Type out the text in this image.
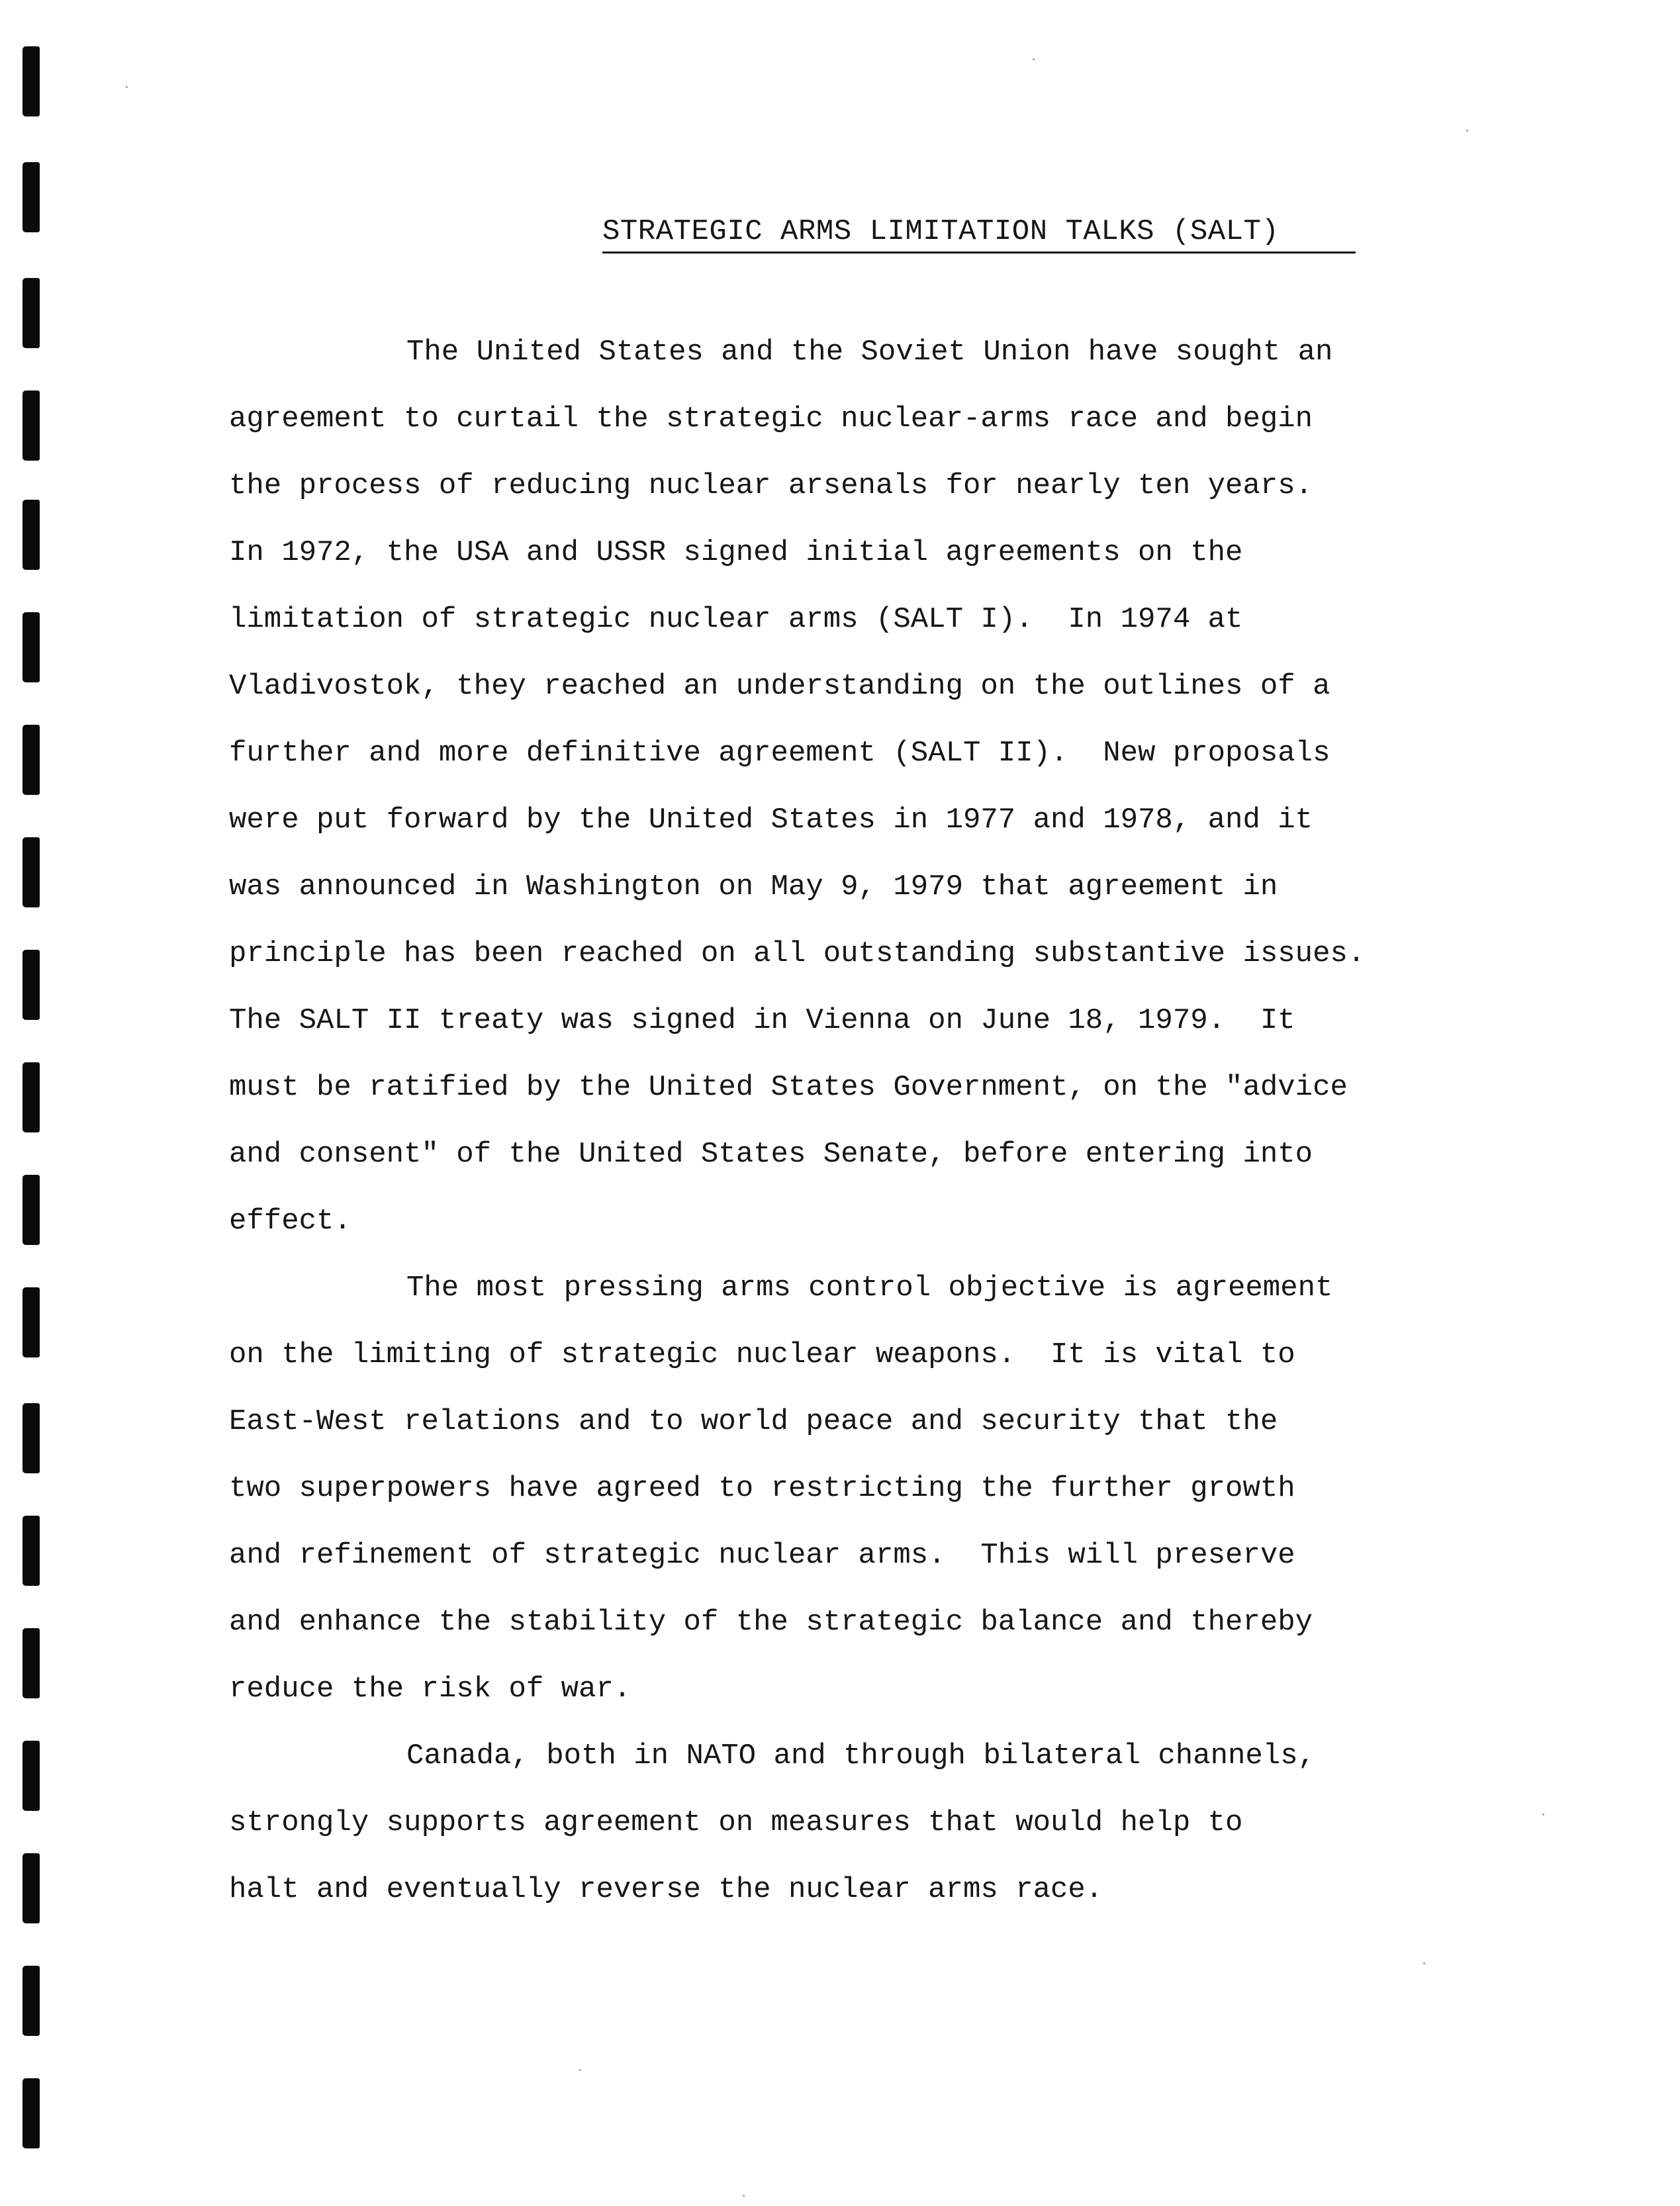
STRATEGIC ARMS LIMITATION TALKS (SALT)
The United States and the Soviet Union have sought an
agreement to curtail the strategic nuclear-arms race and begin
the process of reducing nuclear arsenals for nearly ten years.
In 1972, the USA and USSR signed initial agreements on the
limitation of strategic nuclear arms (SALT I).  In 1974 at
Vladivostok, they reached an understanding on the outlines of a
further and more definitive agreement (SALT II).  New proposals
were put forward by the United States in 1977 and 1978, and it
was announced in Washington on May 9, 1979 that agreement in
principle has been reached on all outstanding substantive issues.
The SALT II treaty was signed in Vienna on June 18, 1979.  It
must be ratified by the United States Government, on the "advice
and consent" of the United States Senate, before entering into
effect.
The most pressing arms control objective is agreement
on the limiting of strategic nuclear weapons.  It is vital to
East-West relations and to world peace and security that the
two superpowers have agreed to restricting the further growth
and refinement of strategic nuclear arms.  This will preserve
and enhance the stability of the strategic balance and thereby
reduce the risk of war.
Canada, both in NATO and through bilateral channels,
strongly supports agreement on measures that would help to
halt and eventually reverse the nuclear arms race.
